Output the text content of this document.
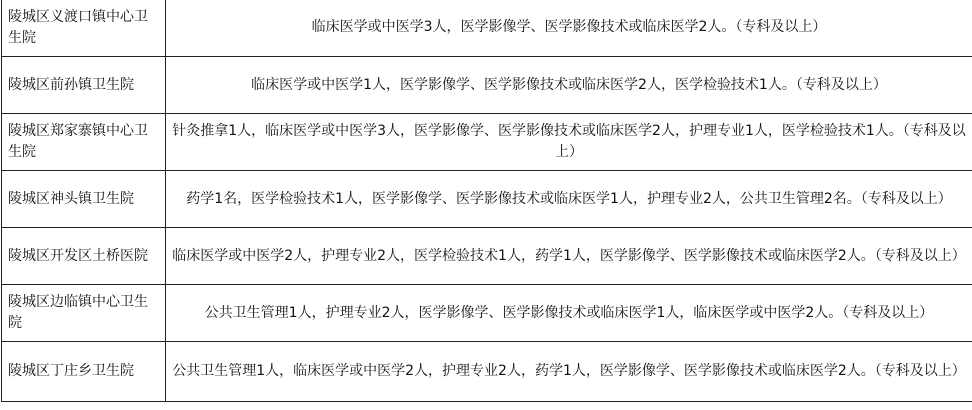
陵城区义渡口镇中心卫生院	临床医学或中医学3人，医学影像学、医学影像技术或临床医学2人。（专科及以上）
陵城区前孙镇卫生院	临床医学或中医学1人，医学影像学、医学影像技术或临床医学2人，医学检验技术1人。（专科及以上）
陵城区郑家寨镇中心卫生院	针灸推拿1人，临床医学或中医学3人，医学影像学、医学影像技术或临床医学2人，护理专业1人，医学检验技术1人。（专科及以上）
陵城区神头镇卫生院	药学1名，医学检验技术1人，医学影像学、医学影像技术或临床医学1人，护理专业2人，公共卫生管理2名。（专科及以上）
陵城区开发区土桥医院	临床医学或中医学2人，护理专业2人，医学检验技术1人，药学1人，医学影像学、医学影像技术或临床医学2人。（专科及以上）
陵城区边临镇中心卫生院	公共卫生管理1人，护理专业2人，医学影像学、医学影像技术或临床医学1人，临床医学或中医学2人。（专科及以上）
陵城区丁庄乡卫生院	公共卫生管理1人，临床医学或中医学2人，护理专业2人，药学1人，医学影像学、医学影像技术或临床医学2人。（专科及以上）
